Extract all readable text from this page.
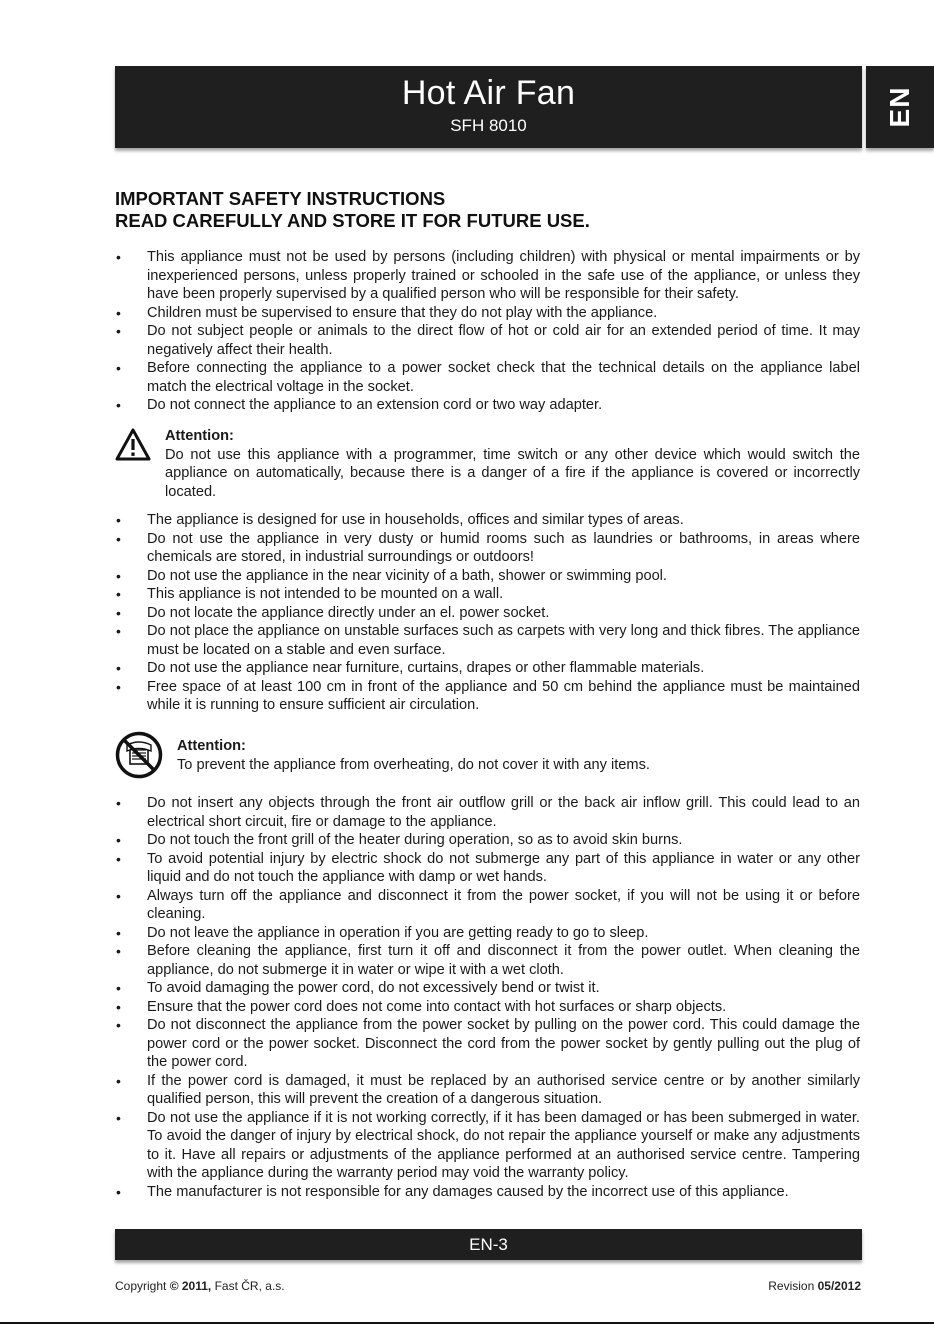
Hot Air Fan
SFH 8010	EN
IMPORTANT SAFETY INSTRUCTIONS
READ CAREFULLY AND STORE IT FOR FUTURE USE.
• This appliance must not be used by persons (including children) with physical or mental impairments or by inexperienced persons, unless properly trained or schooled in the safe use of the appliance, or unless they have been properly supervised by a qualified person who will be responsible for their safety.
• Children must be supervised to ensure that they do not play with the appliance.
• Do not subject people or animals to the direct flow of hot or cold air for an extended period of time. It may negatively affect their health.
• Before connecting the appliance to a power socket check that the technical details on the appliance label match the electrical voltage in the socket.
• Do not connect the appliance to an extension cord or two way adapter.
Attention:
Do not use this appliance with a programmer, time switch or any other device which would switch the appliance on automatically, because there is a danger of a fire if the appliance is covered or incorrectly located.
• The appliance is designed for use in households, offices and similar types of areas.
• Do not use the appliance in very dusty or humid rooms such as laundries or bathrooms, in areas where chemicals are stored, in industrial surroundings or outdoors!
• Do not use the appliance in the near vicinity of a bath, shower or swimming pool.
• This appliance is not intended to be mounted on a wall.
• Do not locate the appliance directly under an el. power socket.
• Do not place the appliance on unstable surfaces such as carpets with very long and thick fibres. The appliance must be located on a stable and even surface.
• Do not use the appliance near furniture, curtains, drapes or other flammable materials.
• Free space of at least 100 cm in front of the appliance and 50 cm behind the appliance must be maintained while it is running to ensure sufficient air circulation.
Attention:
To prevent the appliance from overheating, do not cover it with any items.
• Do not insert any objects through the front air outflow grill or the back air inflow grill. This could lead to an electrical short circuit, fire or damage to the appliance.
• Do not touch the front grill of the heater during operation, so as to avoid skin burns.
• To avoid potential injury by electric shock do not submerge any part of this appliance in water or any other liquid and do not touch the appliance with damp or wet hands.
• Always turn off the appliance and disconnect it from the power socket, if you will not be using it or before cleaning.
• Do not leave the appliance in operation if you are getting ready to go to sleep.
• Before cleaning the appliance, first turn it off and disconnect it from the power outlet. When cleaning the appliance, do not submerge it in water or wipe it with a wet cloth.
• To avoid damaging the power cord, do not excessively bend or twist it.
• Ensure that the power cord does not come into contact with hot surfaces or sharp objects.
• Do not disconnect the appliance from the power socket by pulling on the power cord. This could damage the power cord or the power socket. Disconnect the cord from the power socket by gently pulling out the plug of the power cord.
• If the power cord is damaged, it must be replaced by an authorised service centre or by another similarly qualified person, this will prevent the creation of a dangerous situation.
• Do not use the appliance if it is not working correctly, if it has been damaged or has been submerged in water. To avoid the danger of injury by electrical shock, do not repair the appliance yourself or make any adjustments to it. Have all repairs or adjustments of the appliance performed at an authorised service centre. Tampering with the appliance during the warranty period may void the warranty policy.
• The manufacturer is not responsible for any damages caused by the incorrect use of this appliance.
EN-3
Copyright © 2011, Fast ČR, a.s.	Revision 05/2012
